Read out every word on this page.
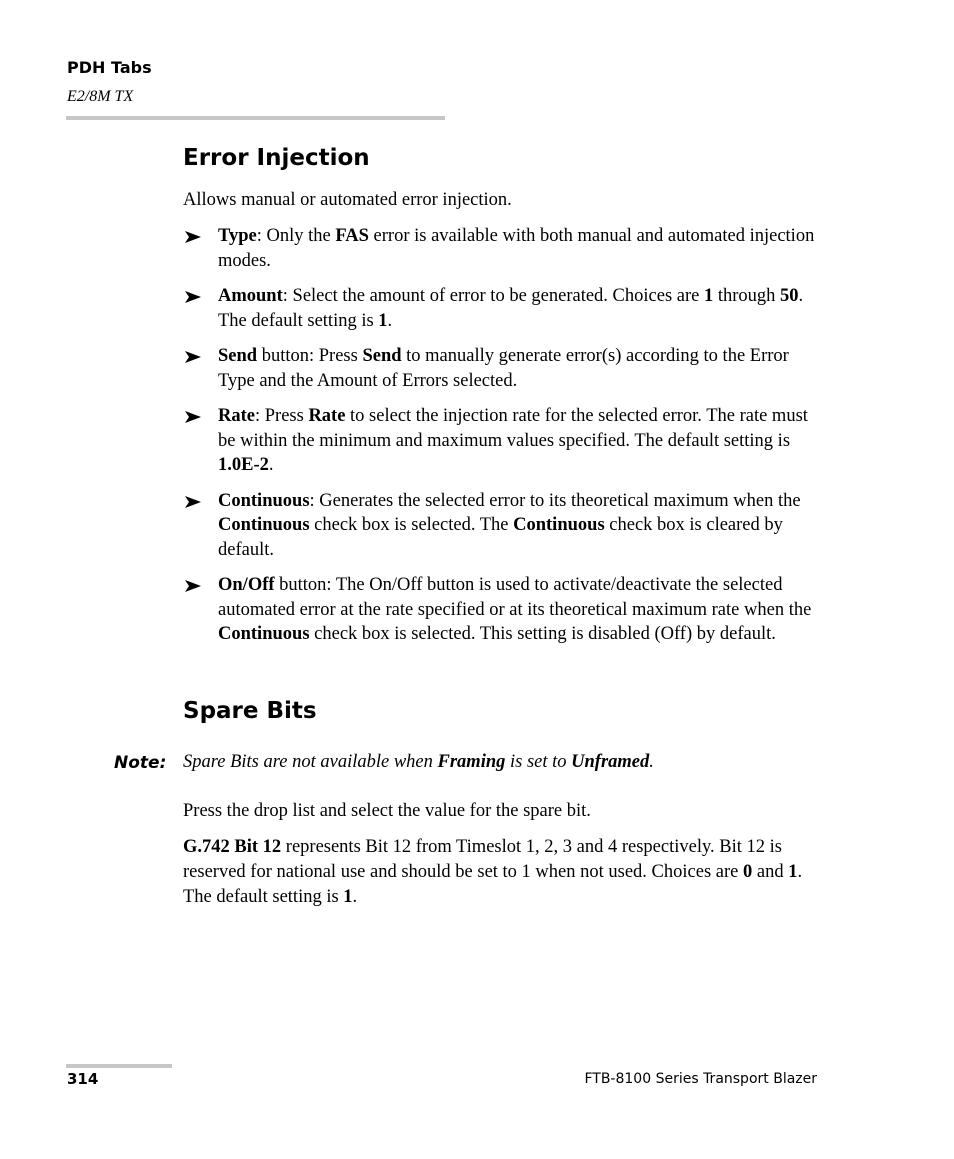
PDH Tabs
E2/8M TX
Error Injection

Allows manual or automated error injection.

Type: Only the FAS error is available with both manual and automated injection modes.
Amount: Select the amount of error to be generated. Choices are 1 through 50. The default setting is 1.
Send button: Press Send to manually generate error(s) according to the Error Type and the Amount of Errors selected.
Rate: Press Rate to select the injection rate for the selected error. The rate must be within the minimum and maximum values specified. The default setting is 1.0E-2.
Continuous: Generates the selected error to its theoretical maximum when the Continuous check box is selected. The Continuous check box is cleared by default.
On/Off button: The On/Off button is used to activate/deactivate the selected automated error at the rate specified or at its theoretical maximum rate when the Continuous check box is selected. This setting is disabled (Off) by default.
Spare Bits
Note: Spare Bits are not available when Framing is set to Unframed.

Press the drop list and select the value for the spare bit.

G.742 Bit 12 represents Bit 12 from Timeslot 1, 2, 3 and 4 respectively. Bit 12 is reserved for national use and should be set to 1 when not used. Choices are 0 and 1. The default setting is 1.

314	FTB-8100 Series Transport Blazer
